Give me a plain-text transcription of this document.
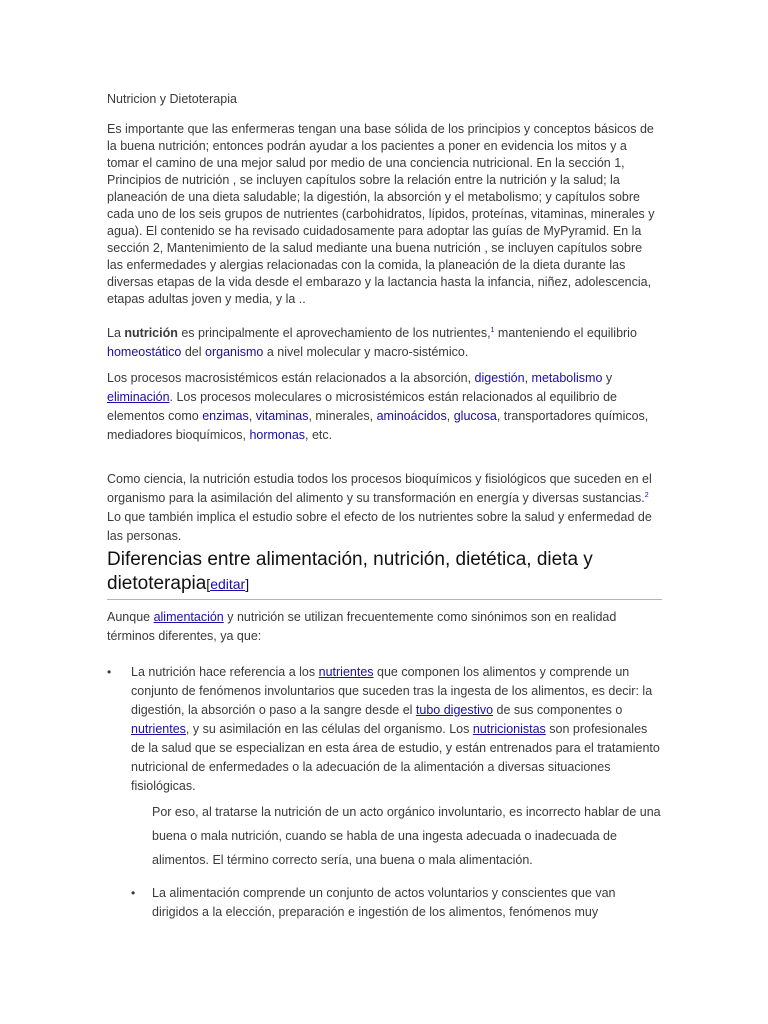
Nutricion y Dietoterapia

Es importante que las enfermeras tengan una base sólida de los principios y conceptos básicos de la buena nutrición; entonces podrán ayudar a los pacientes a poner en evidencia los mitos y a tomar el camino de una mejor salud por medio de una conciencia nutricional. En la sección 1, Principios de nutrición , se incluyen capítulos sobre la relación entre la nutrición y la salud; la planeación de una dieta saludable; la digestión, la absorción y el metabolismo; y capítulos sobre cada uno de los seis grupos de nutrientes (carbohidratos, lípidos, proteínas, vitaminas, minerales y agua). El contenido se ha revisado cuidadosamente para adoptar las guías de MyPyramid. En la sección 2, Mantenimiento de la salud mediante una buena nutrición , se incluyen capítulos sobre las enfermedades y alergias relacionadas con la comida, la planeación de la dieta durante las diversas etapas de la vida desde el embarazo y la lactancia hasta la infancia, niñez, adolescencia, etapas adultas joven y media, y la ..

La nutrición es principalmente el aprovechamiento de los nutrientes,$^1$ manteniendo el equilibrio homeostático del organismo a nivel molecular y macro-sistémico.

Los procesos macrosistémicos están relacionados a la absorción, digestión, metabolismo y eliminación. Los procesos moleculares o microsistémicos están relacionados al equilibrio de elementos como enzimas, vitaminas, minerales, aminoácidos, glucosa, transportadores químicos, mediadores bioquímicos, hormonas, etc.

Como ciencia, la nutrición estudia todos los procesos bioquímicos y fisiológicos que suceden en el organismo para la asimilación del alimento y su transformación en energía y diversas sustancias.$^2$ Lo que también implica el estudio sobre el efecto de los nutrientes sobre la salud y enfermedad de las personas.

Diferencias entre alimentación, nutrición, dietética, dieta y dietoterapia[editar]

Aunque alimentación y nutrición se utilizan frecuentemente como sinónimos son en realidad términos diferentes, ya que:

• La nutrición hace referencia a los nutrientes que componen los alimentos y comprende un conjunto de fenómenos involuntarios que suceden tras la ingesta de los alimentos, es decir: la digestión, la absorción o paso a la sangre desde el tubo digestivo de sus componentes o nutrientes, y su asimilación en las células del organismo. Los nutricionistas son profesionales de la salud que se especializan en esta área de estudio, y están entrenados para el tratamiento nutricional de enfermedades o la adecuación de la alimentación a diversas situaciones fisiológicas.

Por eso, al tratarse la nutrición de un acto orgánico involuntario, es incorrecto hablar de una buena o mala nutrición, cuando se habla de una ingesta adecuada o inadecuada de alimentos. El término correcto sería, una buena o mala alimentación.

• La alimentación comprende un conjunto de actos voluntarios y conscientes que van dirigidos a la elección, preparación e ingestión de los alimentos, fenómenos muy
